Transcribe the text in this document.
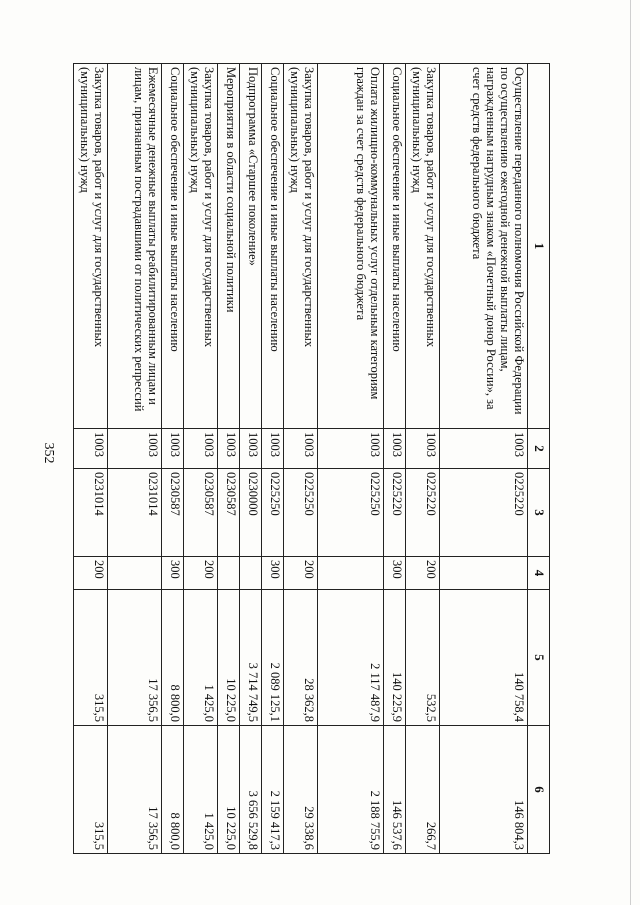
352
1	2	3	4	5	6
Осуществление переданного полномочия Российской Федерации по осуществлению ежегодной денежной выплаты лицам, награжденным нагрудным знаком «Почетный донор России», за счет средств федерального бюджета	1003	0225220		140 758,4	146 804,3
Закупка товаров, работ и услуг для государственных (муниципальных) нужд	1003	0225220	200	532,5	266,7
Социальное обеспечение и иные выплаты населению	1003	0225220	300	140 225,9	146 537,6
Оплата жилищно-коммунальных услуг отдельным категориям граждан за счет средств федерального бюджета	1003	0225250		2 117 487,9	2 188 755,9
Закупка товаров, работ и услуг для государственных (муниципальных) нужд	1003	0225250	200	28 362,8	29 338,6
Социальное обеспечение и иные выплаты населению	1003	0225250	300	2 089 125,1	2 159 417,3
Подпрограмма «Старшее поколение»	1003	0230000		3 714 749,5	3 656 529,8
Мероприятия в области социальной политики	1003	0230587		10 225,0	10 225,0
Закупка товаров, работ и услуг для государственных (муниципальных) нужд	1003	0230587	200	1 425,0	1 425,0
Социальное обеспечение и иные выплаты населению	1003	0230587	300	8 800,0	8 800,0
Ежемесячные денежные выплаты реабилитированным лицам и лицам, признанным пострадавшими от политических репрессий	1003	0231014		17 356,5	17 356,5
Закупка товаров, работ и услуг для государственных (муниципальных) нужд	1003	0231014	200	315,5	315,5
